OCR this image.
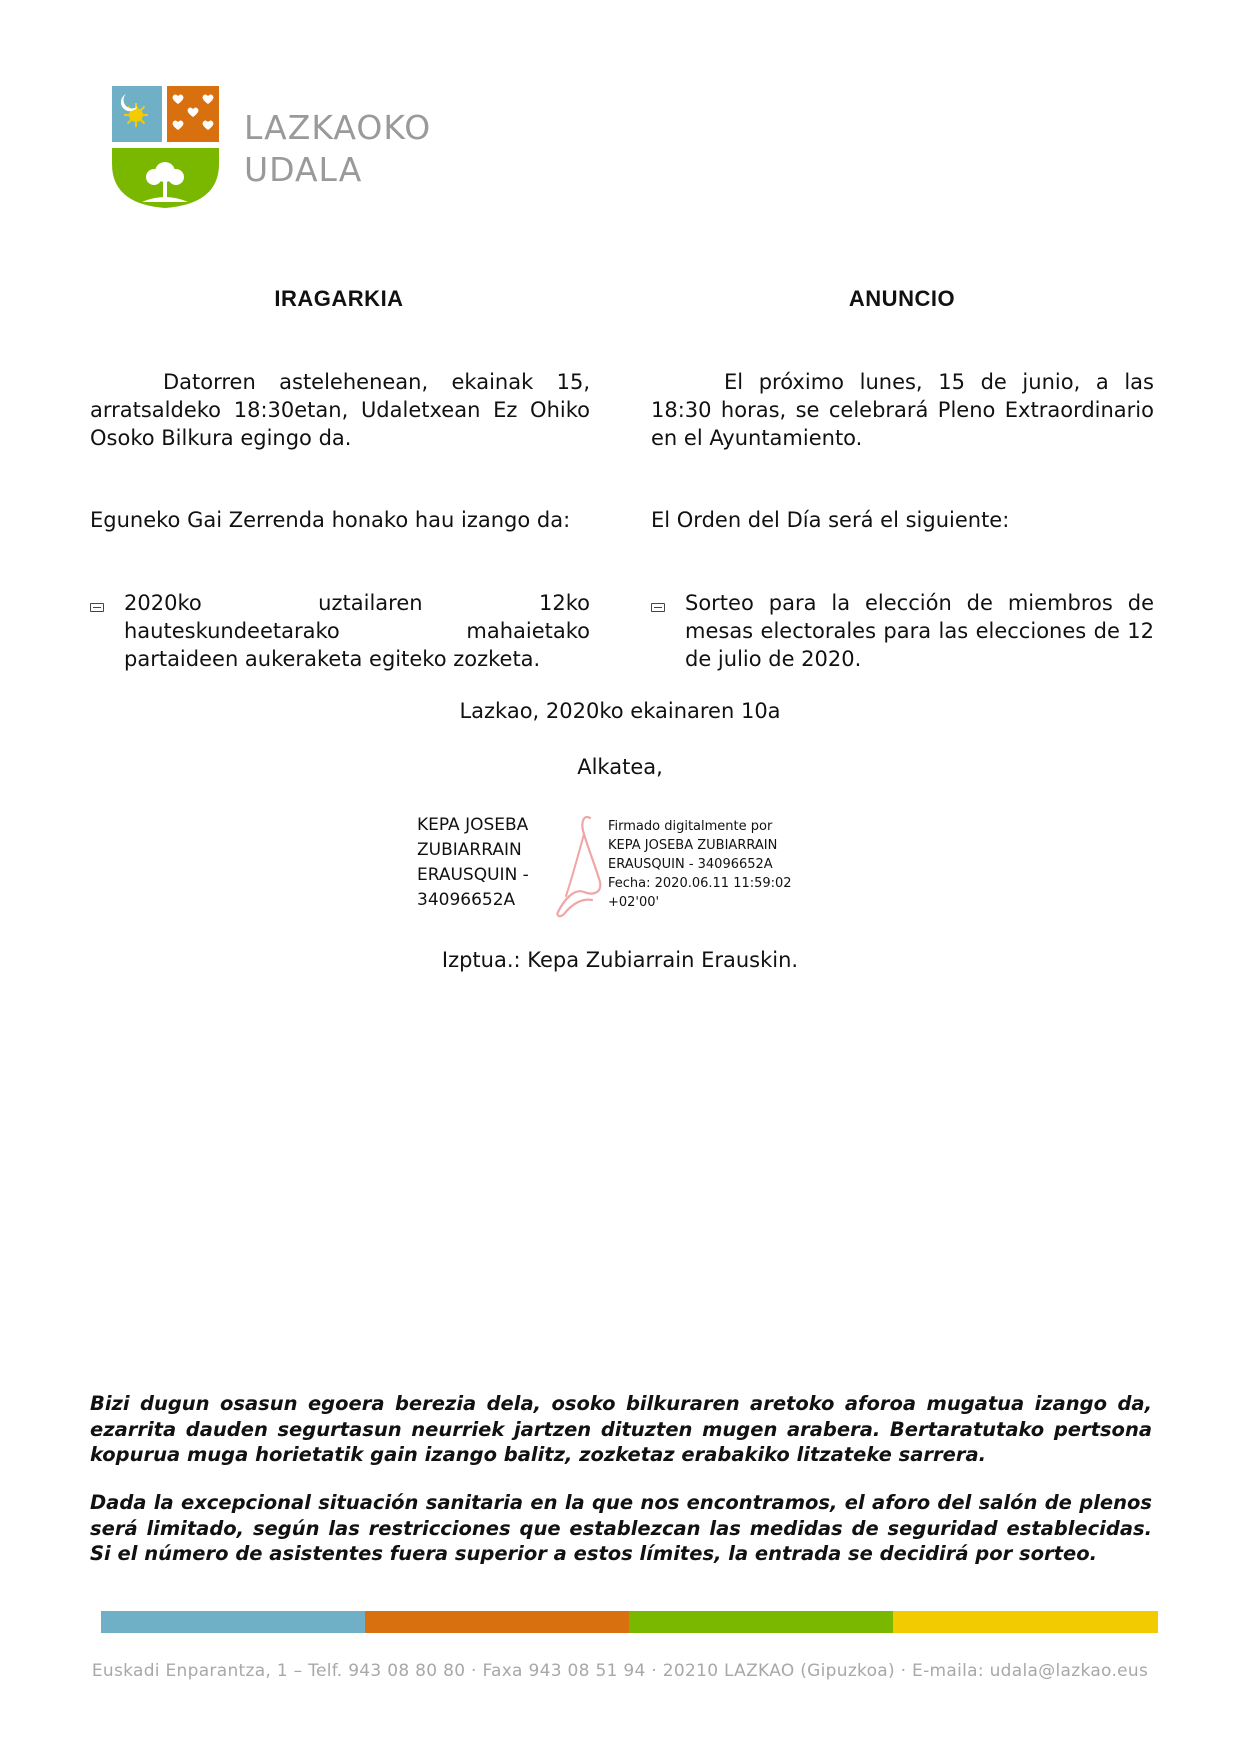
LAZKAOKO
UDALA
IRAGARKIA	ANUNCIO
Datorren astelehenean, ekainak 15, arratsaldeko 18:30etan, Udaletxean Ez Ohiko Osoko Bilkura egingo da.
El próximo lunes, 15 de junio, a las 18:30 horas, se celebrará Pleno Extraordinario en el Ayuntamiento.
Eguneko Gai Zerrenda honako hau izango da:	El Orden del Día será el siguiente:
2020ko uztailaren 12ko hauteskundeetarako mahaietako partaideen aukeraketa egiteko zozketa.
Sorteo para la elección de miembros de mesas electorales para las elecciones de 12 de julio de 2020.
Lazkao, 2020ko ekainaren 10a
Alkatea,
KEPA JOSEBA
ZUBIARRAIN
ERAUSQUIN -
34096652A
Firmado digitalmente por
KEPA JOSEBA ZUBIARRAIN
ERAUSQUIN - 34096652A
Fecha: 2020.06.11 11:59:02
+02'00'
Izptua.: Kepa Zubiarrain Erauskin.
Bizi dugun osasun egoera berezia dela, osoko bilkuraren aretoko aforoa mugatua izango da, ezarrita dauden segurtasun neurriek jartzen dituzten mugen arabera. Bertaratutako pertsona kopurua muga horietatik gain izango balitz, zozketaz erabakiko litzateke sarrera.
Dada la excepcional situación sanitaria en la que nos encontramos, el aforo del salón de plenos será limitado, según las restricciones que establezcan las medidas de seguridad establecidas. Si el número de asistentes fuera superior a estos límites, la entrada se decidirá por sorteo.
Euskadi Enparantza, 1 – Telf. 943 08 80 80 · Faxa 943 08 51 94 · 20210 LAZKAO (Gipuzkoa) · E-maila: udala@lazkao.eus
